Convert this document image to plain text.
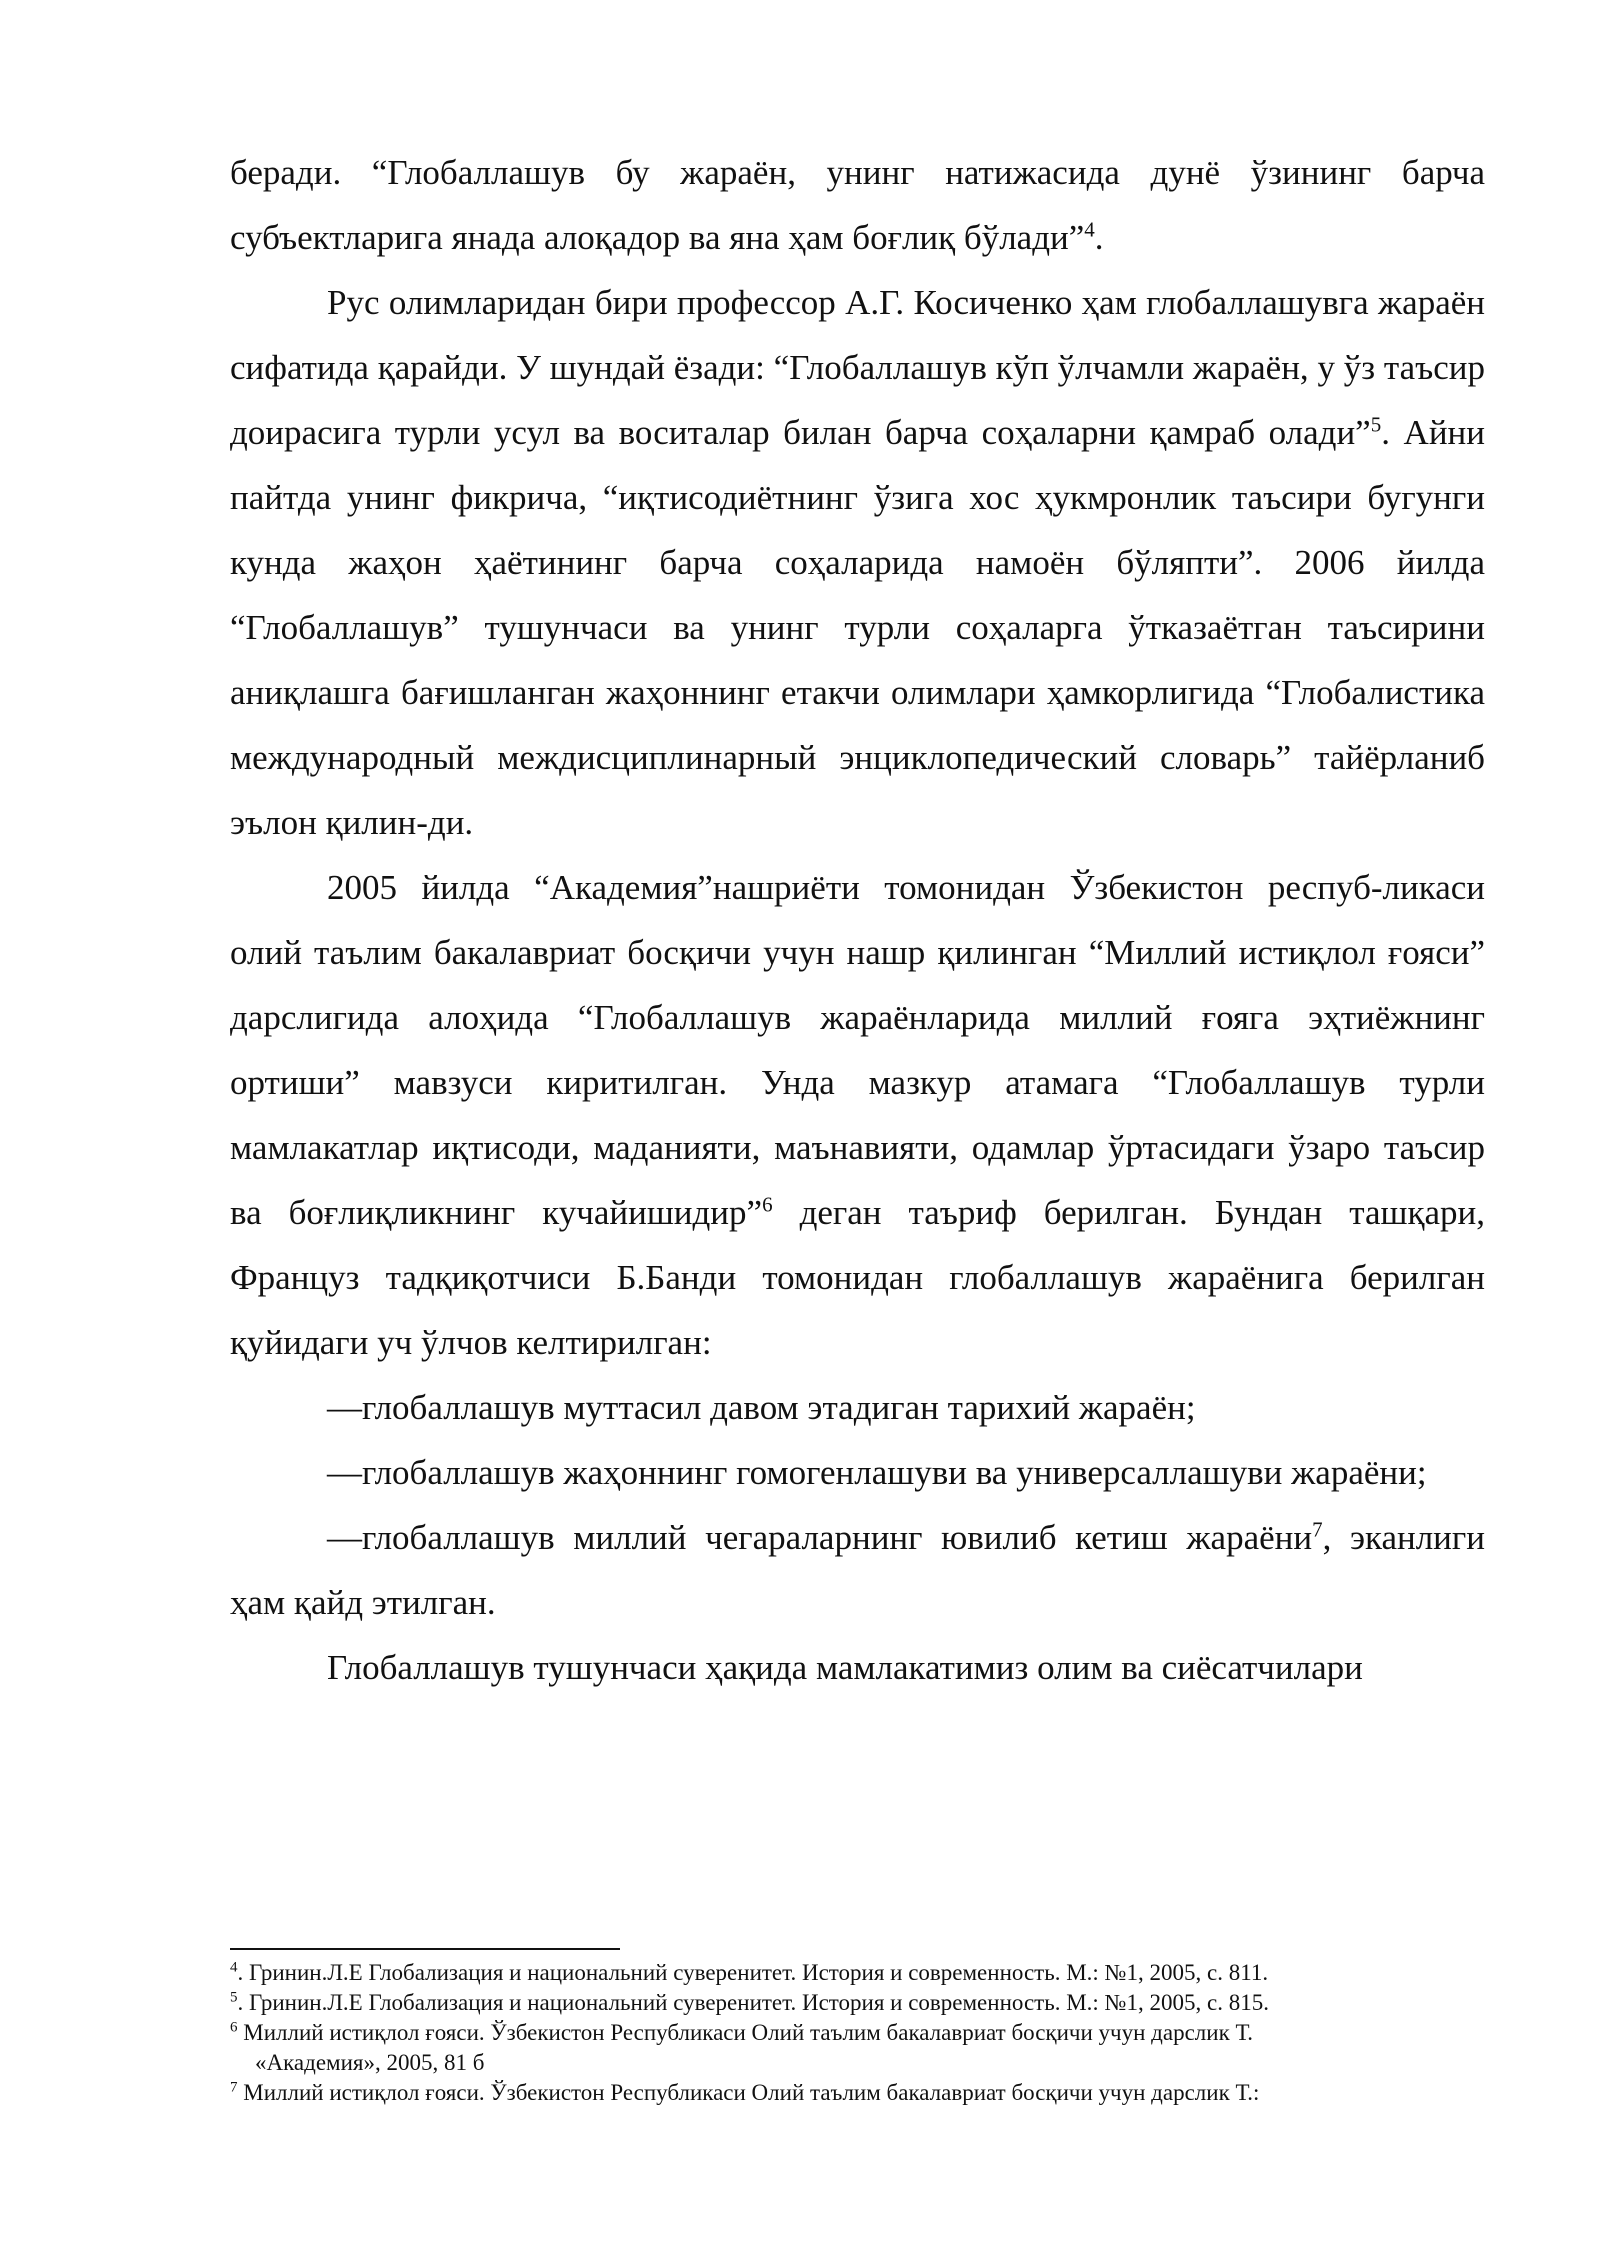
беради. “Глобаллашув бу жараён, унинг натижасида дунё ўзининг барча субъектларига янада алоқадор ва яна ҳам боғлиқ бўлади”$^4$.

Рус олимларидан бири профессор А.Г. Косиченко ҳам глобаллашувга жараён сифатида қарайди. У шундай ёзади: “Глобаллашув кўп ўлчамли жараён, у ўз таъсир доирасига турли усул ва воситалар билан барча соҳаларни қамраб олади”$^5$. Айни пайтда унинг фикрича, “иқтисодиётнинг ўзига хос ҳукмронлик таъсири бугунги кунда жаҳон ҳаётининг барча соҳаларида намоён бўляпти”. 2006 йилда “Глобаллашув” тушунчаси ва унинг турли соҳаларга ўтказаётган таъсирини аниқлашга бағишланган жаҳоннинг етакчи олимлари ҳамкорлигида “Глобалистика международный междисциплинарный энциклопедический словарь” тайёрланиб эълон қилин-ди.

2005 йилда “Академия”нашриёти томонидан Ўзбекистон респуб-ликаси олий таълим бакалавриат босқичи учун нашр қилинган “Миллий истиқлол ғояси” дарслигида алоҳида “Глобаллашув жараёнларида миллий ғояга эҳтиёжнинг ортиши” мавзуси киритилган. Унда мазкур атамага “Глобаллашув турли мамлакатлар иқтисоди, маданияти, маънавияти, одамлар ўртасидаги ўзаро таъсир ва боғлиқликнинг кучайишидир”$^6$ деган таъриф берилган. Бундан ташқари, Француз тадқиқотчиси Б.Банди томонидан глобаллашув жараёнига берилган қуйидаги уч ўлчов келтирилган:

—глобаллашув муттасил давом этадиган тарихий жараён;

—глобаллашув жаҳоннинг гомогенлашуви ва универсаллашуви жараёни;

—глобаллашув миллий чегараларнинг ювилиб кетиш жараёни$^7$, эканлиги ҳам қайд этилган.

Глобаллашув тушунчаси ҳақида мамлакатимиз олим ва сиёсатчилари

$^4$. Гринин.Л.Е Глобализация и национальний суверенитет. История и современность. М.: №1, 2005, с. 811.

$^5$. Гринин.Л.Е Глобализация и национальний суверенитет. История и современность. М.: №1, 2005, с. 815.

$^6$ Миллий истиқлол ғояси. Ўзбекистон Республикаси Олий таълим бакалавриат босқичи учун дарслик Т.

«Академия», 2005, 81 б

$^7$ Миллий истиқлол ғояси. Ўзбекистон Республикаси Олий таълим бакалавриат босқичи учун дарслик Т.:
